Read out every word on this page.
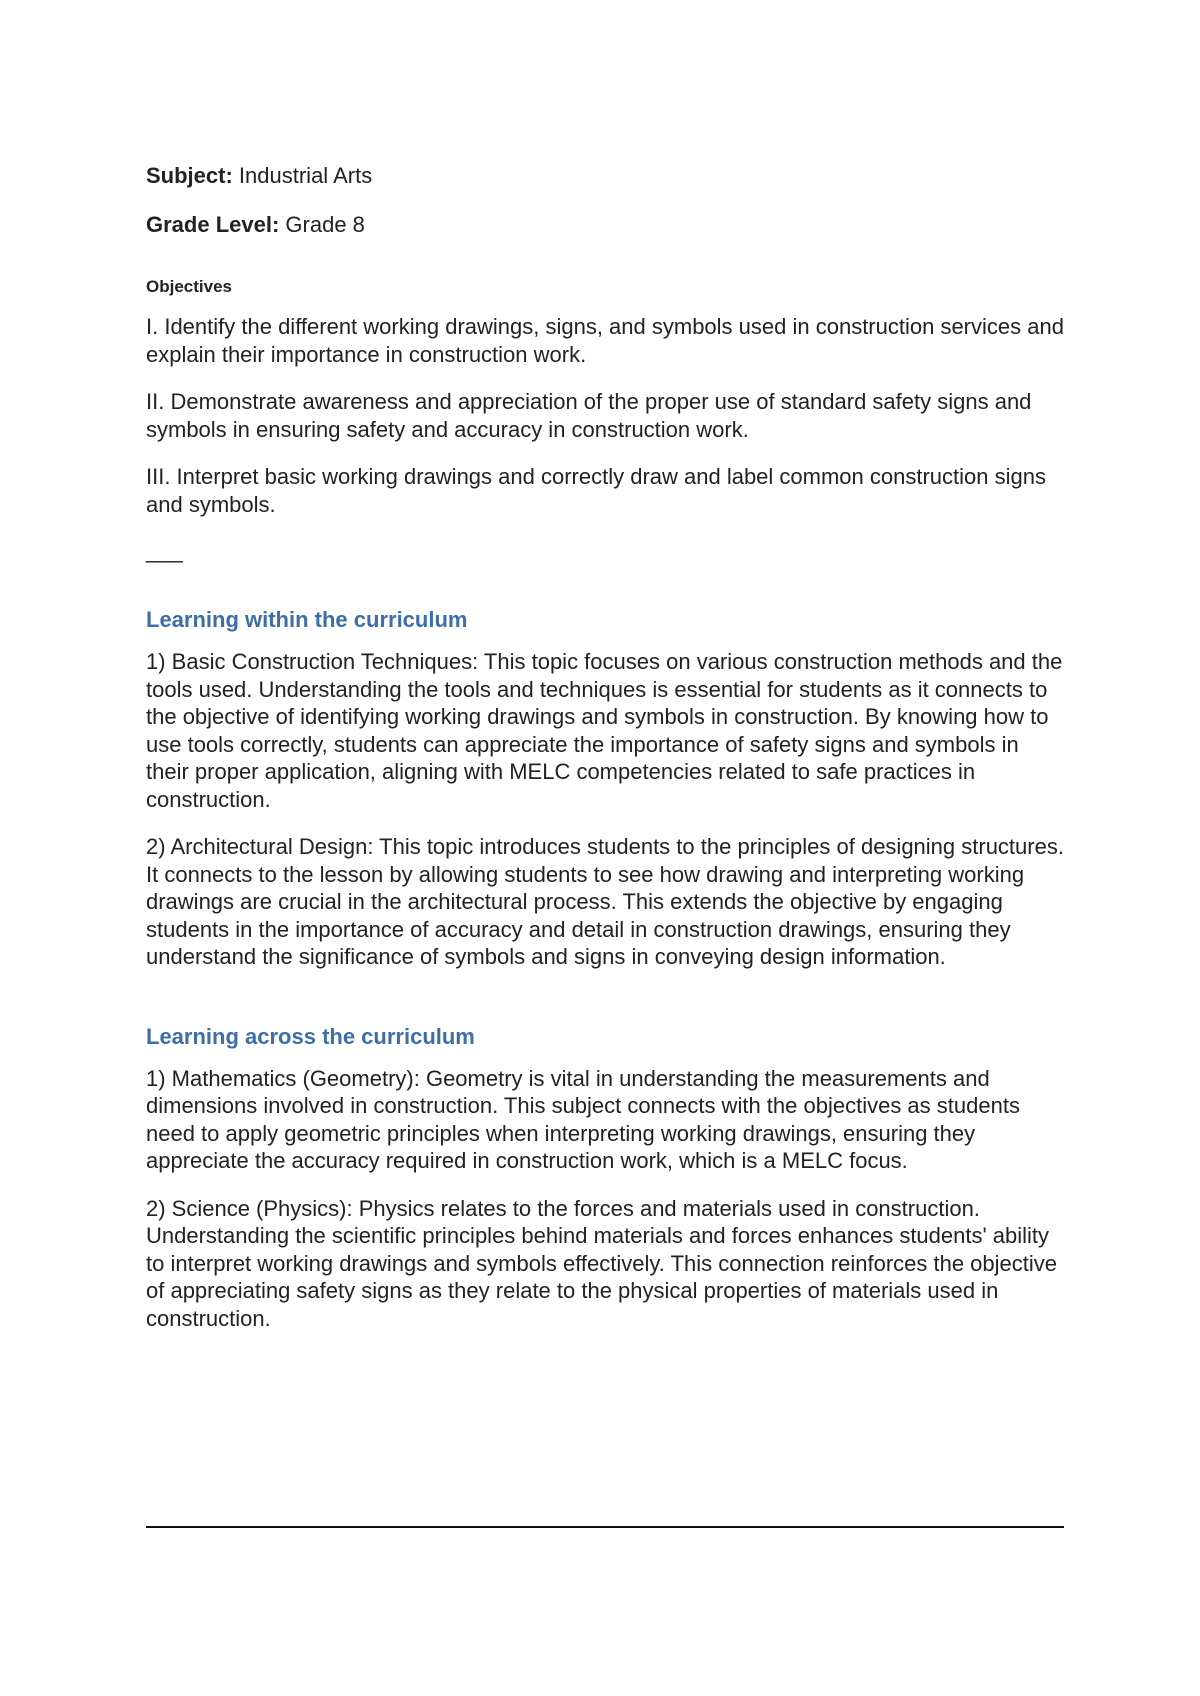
Subject: Industrial Arts
Grade Level: Grade 8
Objectives

I. Identify the different working drawings, signs, and symbols used in construction services and explain their importance in construction work.

II. Demonstrate awareness and appreciation of the proper use of standard safety signs and symbols in ensuring safety and accuracy in construction work.

III. Interpret basic working drawings and correctly draw and label common construction signs and symbols.

___
Learning within the curriculum

1) Basic Construction Techniques: This topic focuses on various construction methods and the tools used. Understanding the tools and techniques is essential for students as it connects to the objective of identifying working drawings and symbols in construction. By knowing how to use tools correctly, students can appreciate the importance of safety signs and symbols in their proper application, aligning with MELC competencies related to safe practices in construction.

2) Architectural Design: This topic introduces students to the principles of designing structures. It connects to the lesson by allowing students to see how drawing and interpreting working drawings are crucial in the architectural process. This extends the objective by engaging students in the importance of accuracy and detail in construction drawings, ensuring they understand the significance of symbols and signs in conveying design information.

Learning across the curriculum

1) Mathematics (Geometry): Geometry is vital in understanding the measurements and dimensions involved in construction. This subject connects with the objectives as students need to apply geometric principles when interpreting working drawings, ensuring they appreciate the accuracy required in construction work, which is a MELC focus.

2) Science (Physics): Physics relates to the forces and materials used in construction. Understanding the scientific principles behind materials and forces enhances students' ability to interpret working drawings and symbols effectively. This connection reinforces the objective of appreciating safety signs as they relate to the physical properties of materials used in construction.
